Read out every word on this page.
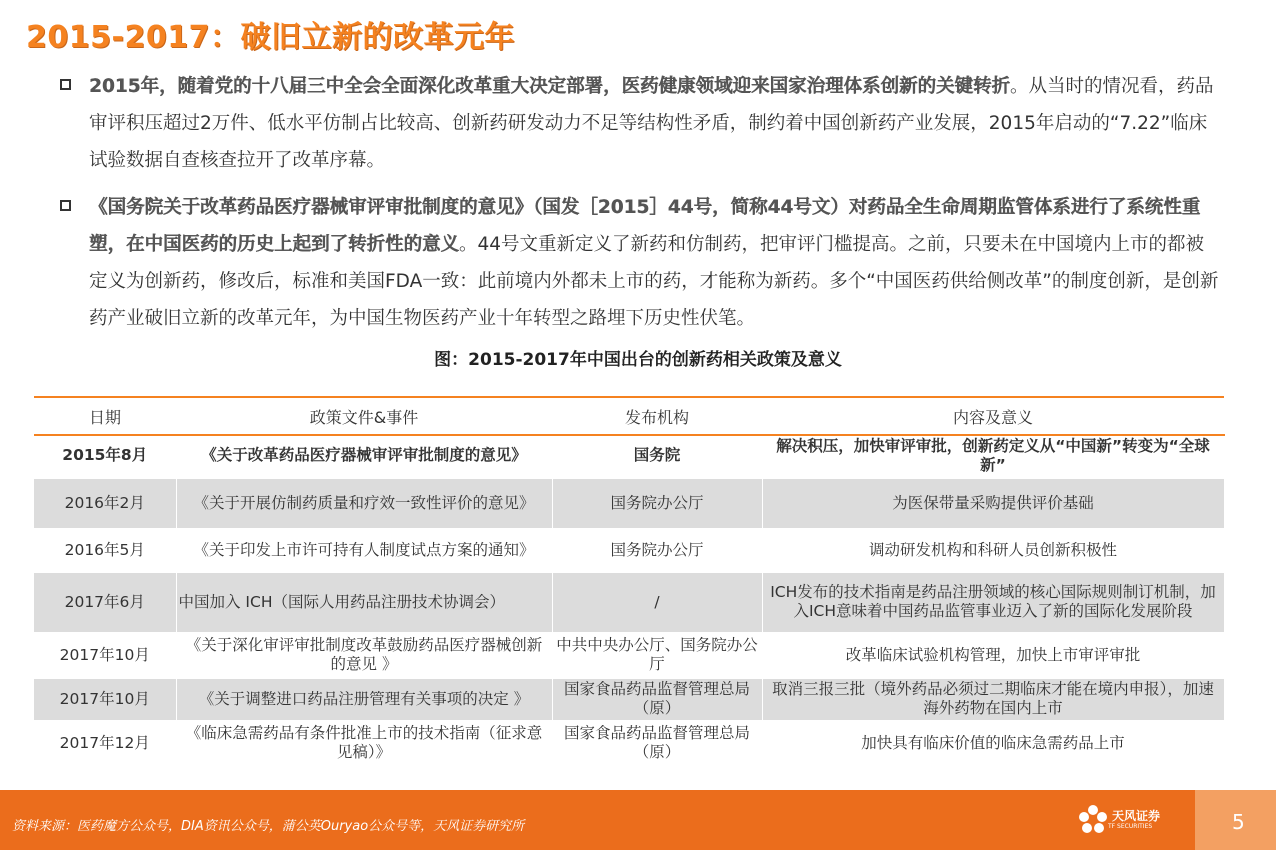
2015-2017：破旧立新的改革元年
2015年，随着党的十八届三中全会全面深化改革重大决定部署，医药健康领域迎来国家治理体系创新的关键转折。从当时的情况看，药品审评积压超过2万件、低水平仿制占比较高、创新药研发动力不足等结构性矛盾，制约着中国创新药产业发展，2015年启动的“7.22”临床试验数据自查核查拉开了改革序幕。
《国务院关于改革药品医疗器械审评审批制度的意见》（国发［2015］44号，简称44号文）对药品全生命周期监管体系进行了系统性重塑，在中国医药的历史上起到了转折性的意义。44号文重新定义了新药和仿制药，把审评门槛提高。之前，只要未在中国境内上市的都被定义为创新药，修改后，标准和美国FDA一致：此前境内外都未上市的药，才能称为新药。多个“中国医药供给侧改革”的制度创新，是创新药产业破旧立新的改革元年，为中国生物医药产业十年转型之路埋下历史性伏笔。
图：2015-2017年中国出台的创新药相关政策及意义
日期	政策文件&事件	发布机构	内容及意义
2015年8月	《关于改革药品医疗器械审评审批制度的意见》	国务院	解决积压，加快审评审批，创新药定义从“中国新”转变为“全球新”
2016年2月	《关于开展仿制药质量和疗效一致性评价的意见》	国务院办公厅	为医保带量采购提供评价基础
2016年5月	《关于印发上市许可持有人制度试点方案的通知》	国务院办公厅	调动研发机构和科研人员创新积极性
2017年6月	中国加入 ICH（国际人用药品注册技术协调会）	/	ICH发布的技术指南是药品注册领域的核心国际规则制订机制，加入ICH意味着中国药品监管事业迈入了新的国际化发展阶段
2017年10月	《关于深化审评审批制度改革鼓励药品医疗器械创新的意见 》	中共中央办公厅、国务院办公厅	改革临床试验机构管理，加快上市审评审批
2017年10月	《关于调整进口药品注册管理有关事项的决定 》	国家食品药品监督管理总局（原）	取消三报三批（境外药品必须过二期临床才能在境内申报），加速海外药物在国内上市
2017年12月	《临床急需药品有条件批准上市的技术指南（征求意见稿）》	国家食品药品监督管理总局（原）	加快具有临床价值的临床急需药品上市
资料来源：医药魔方公众号，DIA资讯公众号，蒲公英Ouryao公众号等，天风证券研究所
天风证券
TF SECURITIES	5
